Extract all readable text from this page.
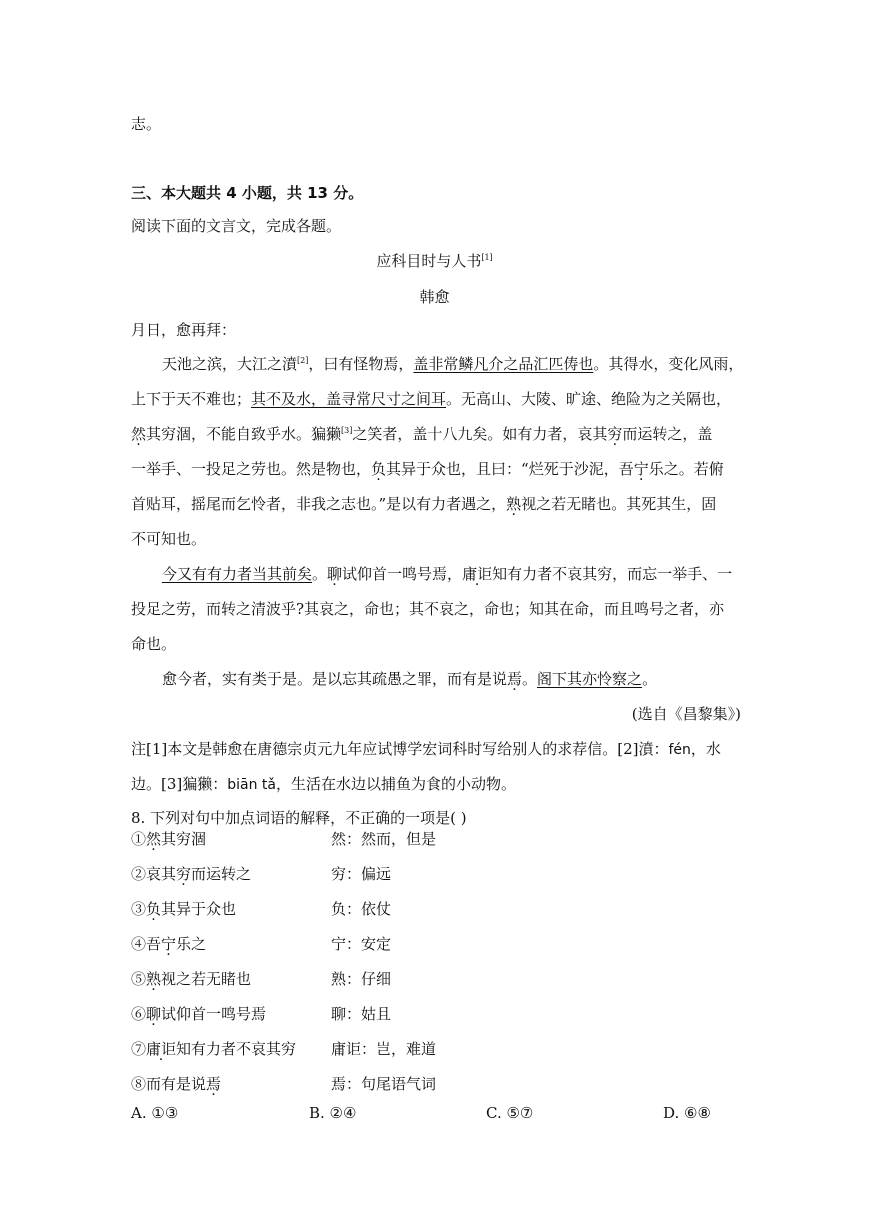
志。
三、本大题共 4 小题，共 13 分。
阅读下面的文言文，完成各题。
应科目时与人书[1]
韩愈
月日，愈再拜：
天池之滨，大江之濆[2]，曰有怪物焉，盖非常鳞凡介之品汇匹俦也。其得水，变化风雨，
上下于天不难也；其不及水，盖寻常尺寸之间耳。无高山、大陵、旷途、绝险为之关隔也，
然其穷涸，不能自致乎水。猵獭[3]之笑者，盖十八九矣。如有力者，哀其穷而运转之，盖
一举手、一投足之劳也。然是物也，负其异于众也，且曰：“烂死于沙泥，吾宁乐之。若俯
首贴耳，摇尾而乞怜者，非我之志也。”是以有力者遇之，熟视之若无睹也。其死其生，固
不可知也。
今又有有力者当其前矣。聊试仰首一鸣号焉，庸讵知有力者不哀其穷，而忘一举手、一
投足之劳，而转之清波乎?其哀之，命也；其不哀之，命也；知其在命，而且鸣号之者，亦
命也。
愈今者，实有类于是。是以忘其疏愚之罪，而有是说焉。阁下其亦怜察之。
(选自《昌黎集》)
注[1]本文是韩愈在唐德宗贞元九年应试博学宏词科时写给别人的求荐信。[2]濆：fén，水
边。[3]猵獭：biān tǎ，生活在水边以捕鱼为食的小动物。
8. 下列对句中加点词语的解释，不正确的一项是( )
①然其穷涸	然：然而，但是
②哀其穷而运转之	穷：偏远
③负其异于众也	负：依仗
④吾宁乐之	宁：安定
⑤熟视之若无睹也	熟：仔细
⑥聊试仰首一鸣号焉	聊：姑且
⑦庸讵知有力者不哀其穷 庸讵：岂，难道
⑧而有是说焉	焉：句尾语气词
A. ①③	B. ②④	C. ⑤⑦	D. ⑥⑧
